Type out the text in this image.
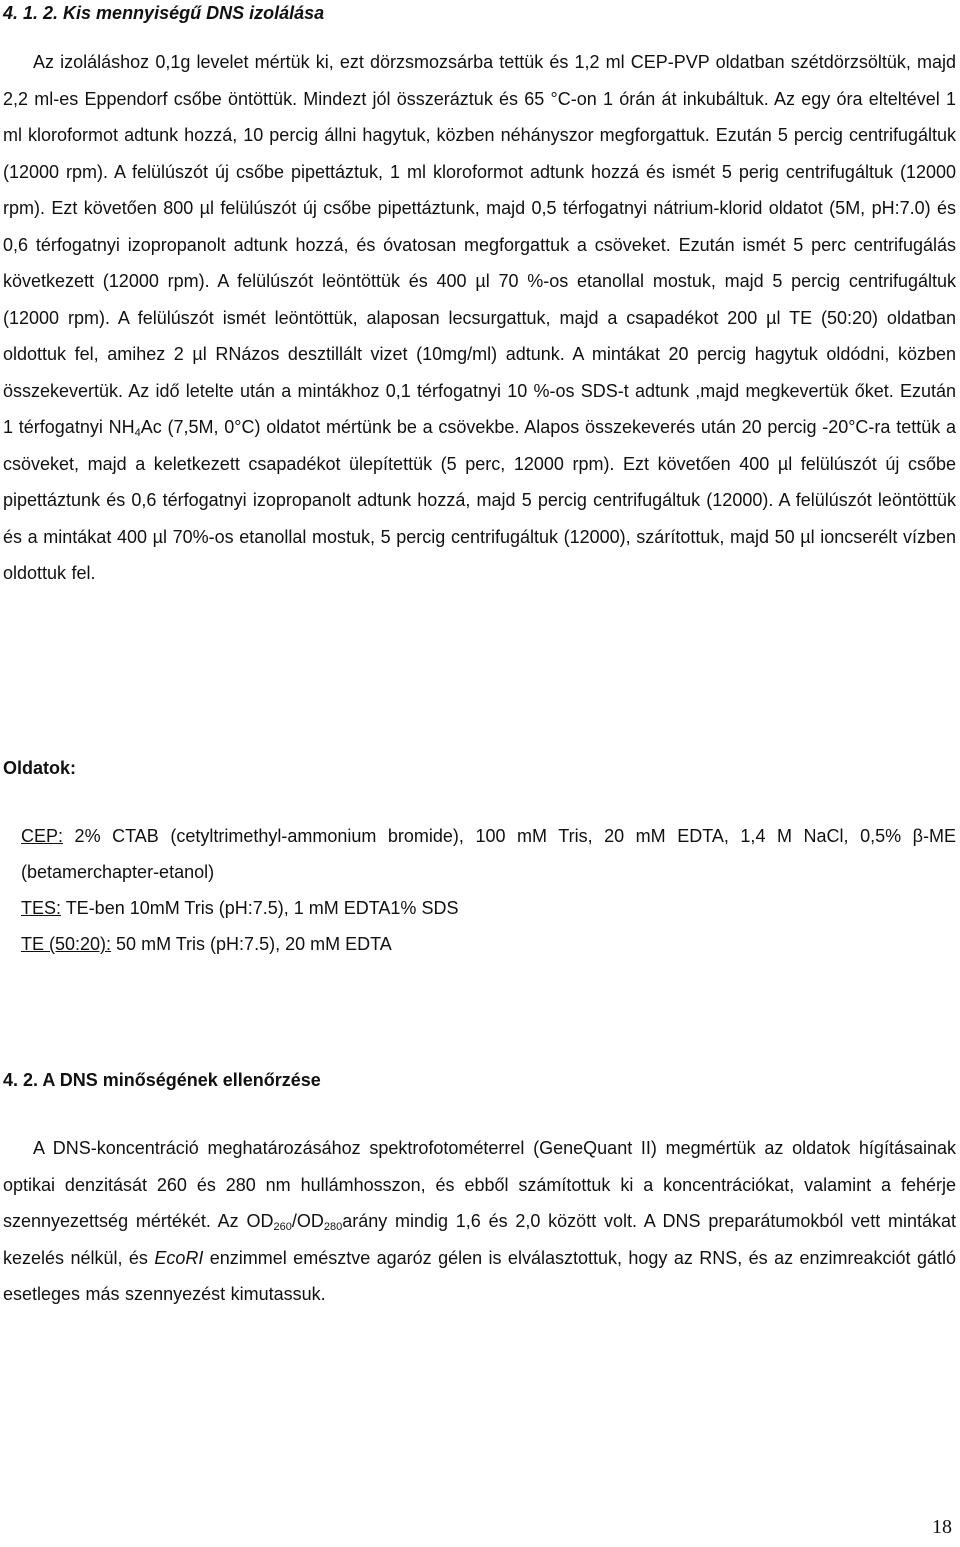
4. 1. 2. Kis mennyiségű DNS izolálása

Az izoláláshoz 0,1g levelet mértük ki, ezt dörzsmozsárba tettük és 1,2 ml CEP-PVP oldatban szétdörzsöltük, majd 2,2 ml-es Eppendorf csőbe öntöttük. Mindezt jól összeráztuk és 65 °C-on 1 órán át inkubáltuk. Az egy óra elteltével 1 ml kloroformot adtunk hozzá, 10 percig állni hagytuk, közben néhányszor megforgattuk. Ezután 5 percig centrifugáltuk (12000 rpm). A felülúszót új csőbe pipettáztuk, 1 ml kloroformot adtunk hozzá és ismét 5 perig centrifugáltuk (12000 rpm). Ezt követően 800 µl felülúszót új csőbe pipettáztunk, majd 0,5 térfogatnyi nátrium-klorid oldatot (5M, pH:7.0) és 0,6 térfogatnyi izopropanolt adtunk hozzá, és óvatosan megforgattuk a csöveket. Ezután ismét 5 perc centrifugálás következett (12000 rpm). A felülúszót leöntöttük és 400 µl 70 %-os etanollal mostuk, majd 5 percig centrifugáltuk (12000 rpm). A felülúszót ismét leöntöttük, alaposan lecsurgattuk, majd a csapadékot 200 µl TE (50:20) oldatban oldottuk fel, amihez 2 µl RNázos desztillált vizet (10mg/ml) adtunk. A mintákat 20 percig hagytuk oldódni, közben összekevertük. Az idő letelte után a mintákhoz 0,1 térfogatnyi 10 %-os SDS-t adtunk ,majd megkevertük őket. Ezután 1 térfogatnyi $NH_4Ac$ (7,5M, 0°C) oldatot mértünk be a csövekbe. Alapos összekeverés után 20 percig -20°C-ra tettük a csöveket, majd a keletkezett csapadékot ülepítettük (5 perc, 12000 rpm). Ezt követően 400 µl felülúszót új csőbe pipettáztunk és 0,6 térfogatnyi izopropanolt adtunk hozzá, majd 5 percig centrifugáltuk (12000). A felülúszót leöntöttük és a mintákat 400 µl 70%-os etanollal mostuk, 5 percig centrifugáltuk (12000), szárítottuk, majd 50 µl ioncserélt vízben oldottuk fel.

Oldatok:

CEP: 2% CTAB (cetyltrimethyl-ammonium bromide), 100 mM Tris, 20 mM EDTA, 1,4 M NaCl, 0,5% β-ME (betamerchapter-etanol)

TES: TE-ben 10mM Tris (pH:7.5), 1 mM EDTA1% SDS

TE (50:20): 50 mM Tris (pH:7.5), 20 mM EDTA

4. 2. A DNS minőségének ellenőrzése

A DNS-koncentráció meghatározásához spektrofotométerrel (GeneQuant II) megmértük az oldatok hígításainak optikai denzitását 260 és 280 nm hullámhosszon, és ebből számítottuk ki a koncentrációkat, valamint a fehérje szennyezettség mértékét. Az $OD_{260}/OD_{280}arány$ mindig 1,6 és 2,0 között volt. A DNS preparátumokból vett mintákat kezelés nélkül, és EcoRI enzimmel emésztve agaróz gélen is elválasztottuk, hogy az RNS, és az enzimreakciót gátló esetleges más szennyezést kimutassuk.

18
